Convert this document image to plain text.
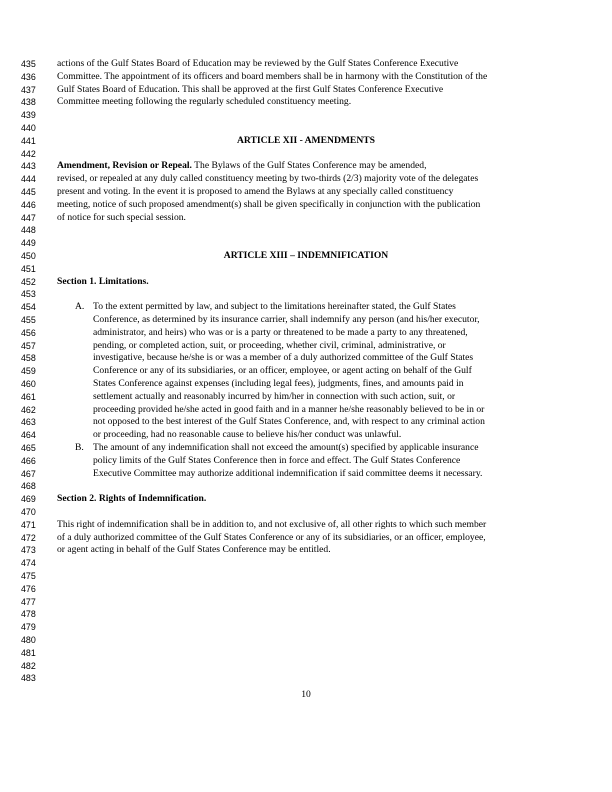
435
436
437
438
439
440
441
442
443
444
445
446
447
448
449
450
451
452
453
454
455
456
457
458
459
460
461
462
463
464
465
466
467
468
469
470
471
472
473
474
475
476
477
478
479
480
481
482
483
actions of the Gulf States Board of Education may be reviewed by the Gulf States Conference Executive
Committee. The appointment of its officers and board members shall be in harmony with the Constitution of the
Gulf States Board of Education. This shall be approved at the first Gulf States Conference Executive
Committee meeting following the regularly scheduled constituency meeting.
ARTICLE XII - AMENDMENTS
Amendment, Revision or Repeal. The Bylaws of the Gulf States Conference may be amended,
revised, or repealed at any duly called constituency meeting by two-thirds (2/3) majority vote of the delegates
present and voting. In the event it is proposed to amend the Bylaws at any specially called constituency
meeting, notice of such proposed amendment(s) shall be given specifically in conjunction with the publication
of notice for such special session.
ARTICLE XIII – INDEMNIFICATION
Section 1. Limitations.
A. To the extent permitted by law, and subject to the limitations hereinafter stated, the Gulf States
Conference, as determined by its insurance carrier, shall indemnify any person (and his/her executor,
administrator, and heirs) who was or is a party or threatened to be made a party to any threatened,
pending, or completed action, suit, or proceeding, whether civil, criminal, administrative, or
investigative, because he/she is or was a member of a duly authorized committee of the Gulf States
Conference or any of its subsidiaries, or an officer, employee, or agent acting on behalf of the Gulf
States Conference against expenses (including legal fees), judgments, fines, and amounts paid in
settlement actually and reasonably incurred by him/her in connection with such action, suit, or
proceeding provided he/she acted in good faith and in a manner he/she reasonably believed to be in or
not opposed to the best interest of the Gulf States Conference, and, with respect to any criminal action
or proceeding, had no reasonable cause to believe his/her conduct was unlawful.
B. The amount of any indemnification shall not exceed the amount(s) specified by applicable insurance
policy limits of the Gulf States Conference then in force and effect. The Gulf States Conference
Executive Committee may authorize additional indemnification if said committee deems it necessary.
Section 2. Rights of Indemnification.
This right of indemnification shall be in addition to, and not exclusive of, all other rights to which such member
of a duly authorized committee of the Gulf States Conference or any of its subsidiaries, or an officer, employee,
or agent acting in behalf of the Gulf States Conference may be entitled.
10
